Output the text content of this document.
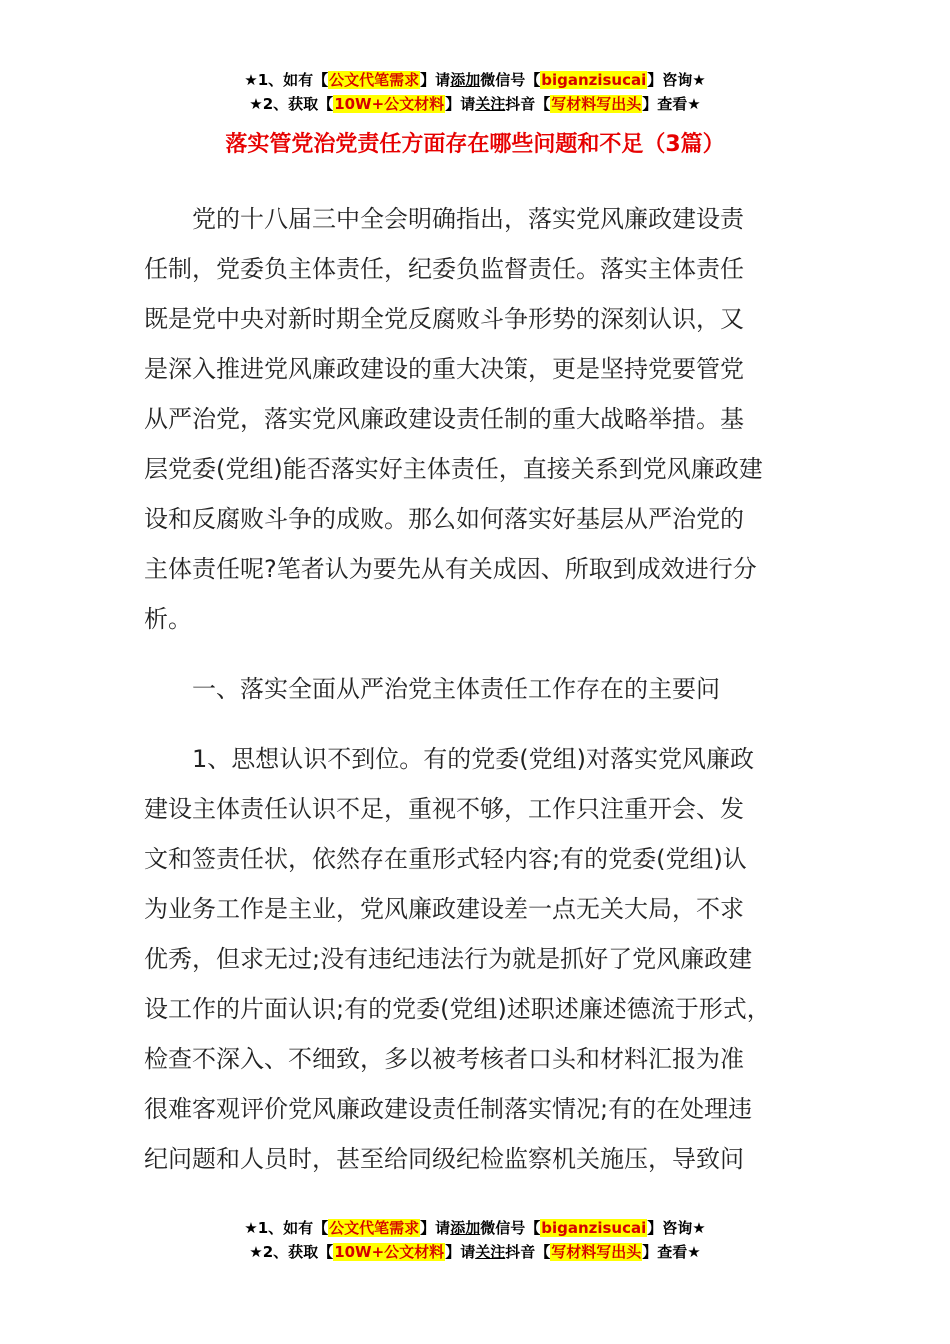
★1、如有【公文代笔需求】请添加微信号【biganzisucai】咨询★
★2、获取【10W+公文材料】请关注抖音【写材料写出头】查看★
落实管党治党责任方面存在哪些问题和不足（3篇）
党的十八届三中全会明确指出，落实党风廉政建设责
任制，党委负主体责任，纪委负监督责任。落实主体责任
既是党中央对新时期全党反腐败斗争形势的深刻认识，又
是深入推进党风廉政建设的重大决策，更是坚持党要管党
从严治党，落实党风廉政建设责任制的重大战略举措。基
层党委(党组)能否落实好主体责任，直接关系到党风廉政建
设和反腐败斗争的成败。那么如何落实好基层从严治党的
主体责任呢?笔者认为要先从有关成因、所取到成效进行分
析。
一、落实全面从严治党主体责任工作存在的主要问
1、思想认识不到位。有的党委(党组)对落实党风廉政
建设主体责任认识不足，重视不够，工作只注重开会、发
文和签责任状，依然存在重形式轻内容;有的党委(党组)认
为业务工作是主业，党风廉政建设差一点无关大局，不求
优秀，但求无过;没有违纪违法行为就是抓好了党风廉政建
设工作的片面认识;有的党委(党组)述职述廉述德流于形式，
检查不深入、不细致，多以被考核者口头和材料汇报为准
很难客观评价党风廉政建设责任制落实情况;有的在处理违
纪问题和人员时，甚至给同级纪检监察机关施压，导致问
★1、如有【公文代笔需求】请添加微信号【biganzisucai】咨询★
★2、获取【10W+公文材料】请关注抖音【写材料写出头】查看★
